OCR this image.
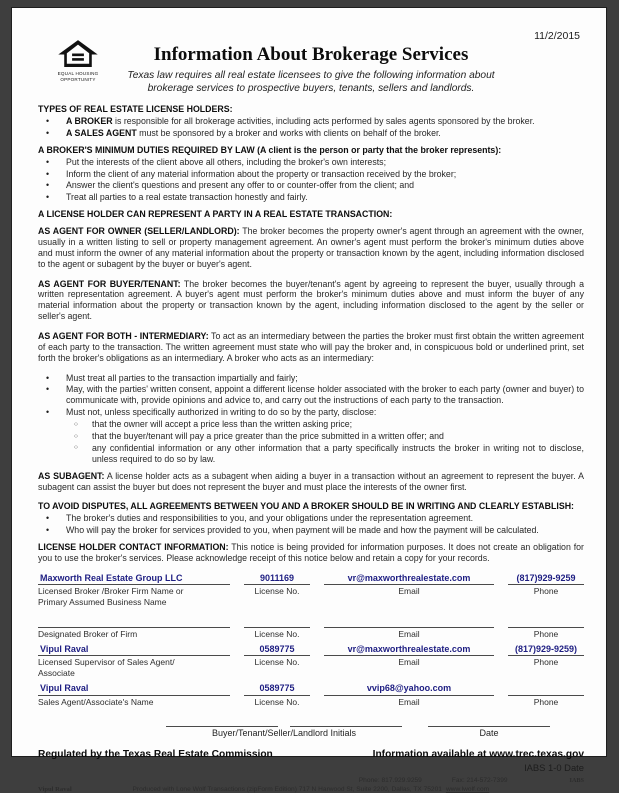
11/2/2015
EQUAL HOUSING
OPPORTUNITY
Information About Brokerage Services
Texas law requires all real estate licensees to give the following information about
brokerage services to prospective buyers, tenants, sellers and landlords.
TYPES OF REAL ESTATE LICENSE HOLDERS:
•	A BROKER is responsible for all brokerage activities, including acts performed by sales agents sponsored by the broker.
•	A SALES AGENT must be sponsored by a broker and works with clients on behalf of the broker.
A BROKER'S MINIMUM DUTIES REQUIRED BY LAW (A client is the person or party that the broker represents):
•	Put the interests of the client above all others, including the broker's own interests;
•	Inform the client of any material information about the property or transaction received by the broker;
•	Answer the client's questions and present any offer to or counter-offer from the client; and
•	Treat all parties to a real estate transaction honestly and fairly.
A LICENSE HOLDER CAN REPRESENT A PARTY IN A REAL ESTATE TRANSACTION:

AS AGENT FOR OWNER (SELLER/LANDLORD): The broker becomes the property owner's agent through an agreement with the owner, usually in a written listing to sell or property management agreement. An owner's agent must perform the broker's minimum duties above and must inform the owner of any material information about the property or transaction known by the agent, including information disclosed to the agent or subagent by the buyer or buyer's agent.

AS AGENT FOR BUYER/TENANT: The broker becomes the buyer/tenant's agent by agreeing to represent the buyer, usually through a written representation agreement. A buyer's agent must perform the broker's minimum duties above and must inform the buyer of any material information about the property or transaction known by the agent, including information disclosed to the agent by the seller or seller's agent.

AS AGENT FOR BOTH - INTERMEDIARY: To act as an intermediary between the parties the broker must first obtain the written agreement of each party to the transaction. The written agreement must state who will pay the broker and, in conspicuous bold or underlined print, set forth the broker's obligations as an intermediary. A broker who acts as an intermediary:

•	Must treat all parties to the transaction impartially and fairly;
•	May, with the parties' written consent, appoint a different license holder associated with the broker to each party (owner and buyer) to communicate with, provide opinions and advice to, and carry out the instructions of each party to the transaction.
•	Must not, unless specifically authorized in writing to do so by the party, disclose:
○	that the owner will accept a price less than the written asking price;
○	that the buyer/tenant will pay a price greater than the price submitted in a written offer; and
○	any confidential information or any other information that a party specifically instructs the broker in writing not to disclose, unless required to do so by law.

AS SUBAGENT: A license holder acts as a subagent when aiding a buyer in a transaction without an agreement to represent the buyer. A subagent can assist the buyer but does not represent the buyer and must place the interests of the owner first.

TO AVOID DISPUTES, ALL AGREEMENTS BETWEEN YOU AND A BROKER SHOULD BE IN WRITING AND CLEARLY ESTABLISH:
•	The broker's duties and responsibilities to you, and your obligations under the representation agreement.
•	Who will pay the broker for services provided to you, when payment will be made and how the payment will be calculated.

LICENSE HOLDER CONTACT INFORMATION: This notice is being provided for information purposes. It does not create an obligation for you to use the broker's services. Please acknowledge receipt of this notice below and retain a copy for your records.

Maxworth Real Estate Group LLC	9011169	vr@maxworthrealestate.com	(817)929-9259
Licensed Broker /Broker Firm Name or	License No.	Email	Phone
Primary Assumed Business Name
Designated Broker of Firm	License No.	Email	Phone
Vipul Raval	0589775	vr@maxworthrealestate.com	(817)929-9259)
Licensed Supervisor of Sales Agent/	License No.	Email	Phone
Associate
Vipul Raval	0589775	vvip68@yahoo.com
Sales Agent/Associate's Name	License No.	Email	Phone
Buyer/Tenant/Seller/Landlord Initials	Date
Regulated by the Texas Real Estate Commission	Information available at www.trec.texas.gov
IABS 1-0 Date
Phone: 817.929.9259	Fax: 214-572-7399	IABS
Vipul Raval	Produced with Lone Wolf Transactions (zipForm Edition) 717 N Harwood St, Suite 2200, Dallas, TX 75201 www.lwolf.com
